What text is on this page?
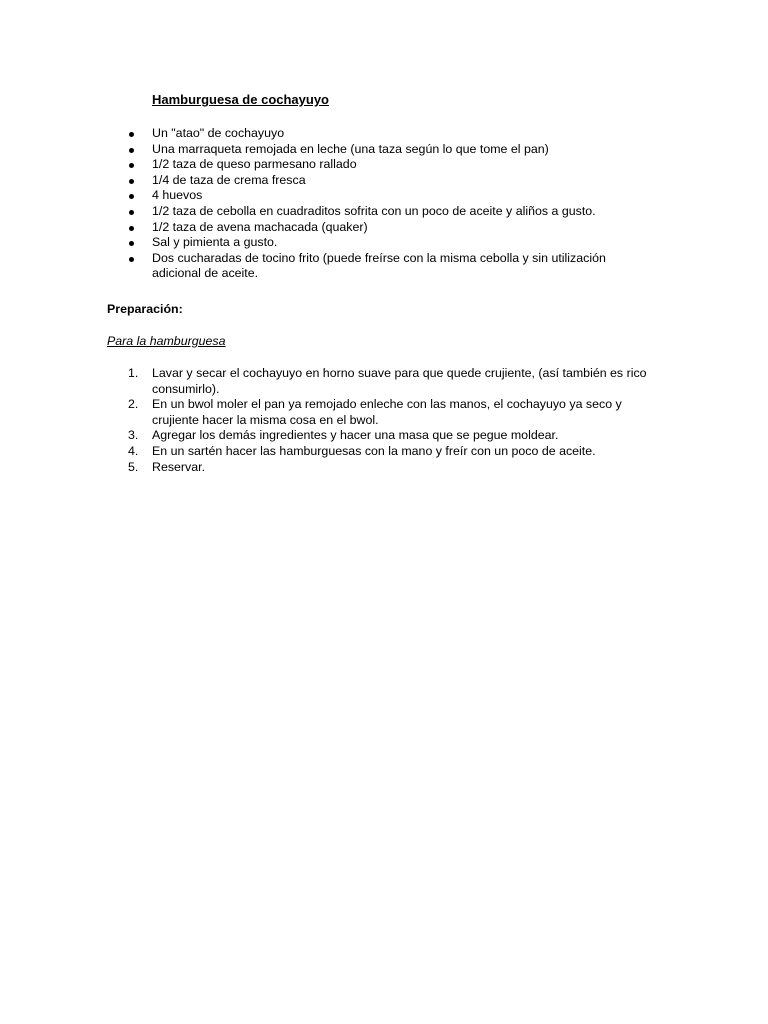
Hamburguesa de cochayuyo
Un "atao" de cochayuyo
Una marraqueta remojada en leche (una taza según lo que tome el pan)
1/2 taza de queso parmesano rallado
1/4 de taza de crema fresca
4 huevos
1/2 taza de cebolla en cuadraditos sofrita con un poco de aceite y aliños a gusto.
1/2 taza de avena machacada (quaker)
Sal y pimienta a gusto.
Dos cucharadas de tocino frito (puede freírse con la misma cebolla y sin utilización adicional de aceite.
Preparación:
Para la hamburguesa
1. Lavar y secar el cochayuyo en horno suave para que quede crujiente, (así también es rico consumirlo).
2. En un bwol moler el pan ya remojado enleche con las manos, el cochayuyo ya seco y crujiente hacer la misma cosa en el bwol.
3. Agregar los demás ingredientes y hacer una masa que se pegue moldear.
4. En un sartén hacer las hamburguesas con la mano y freír con un poco de aceite.
5. Reservar.
